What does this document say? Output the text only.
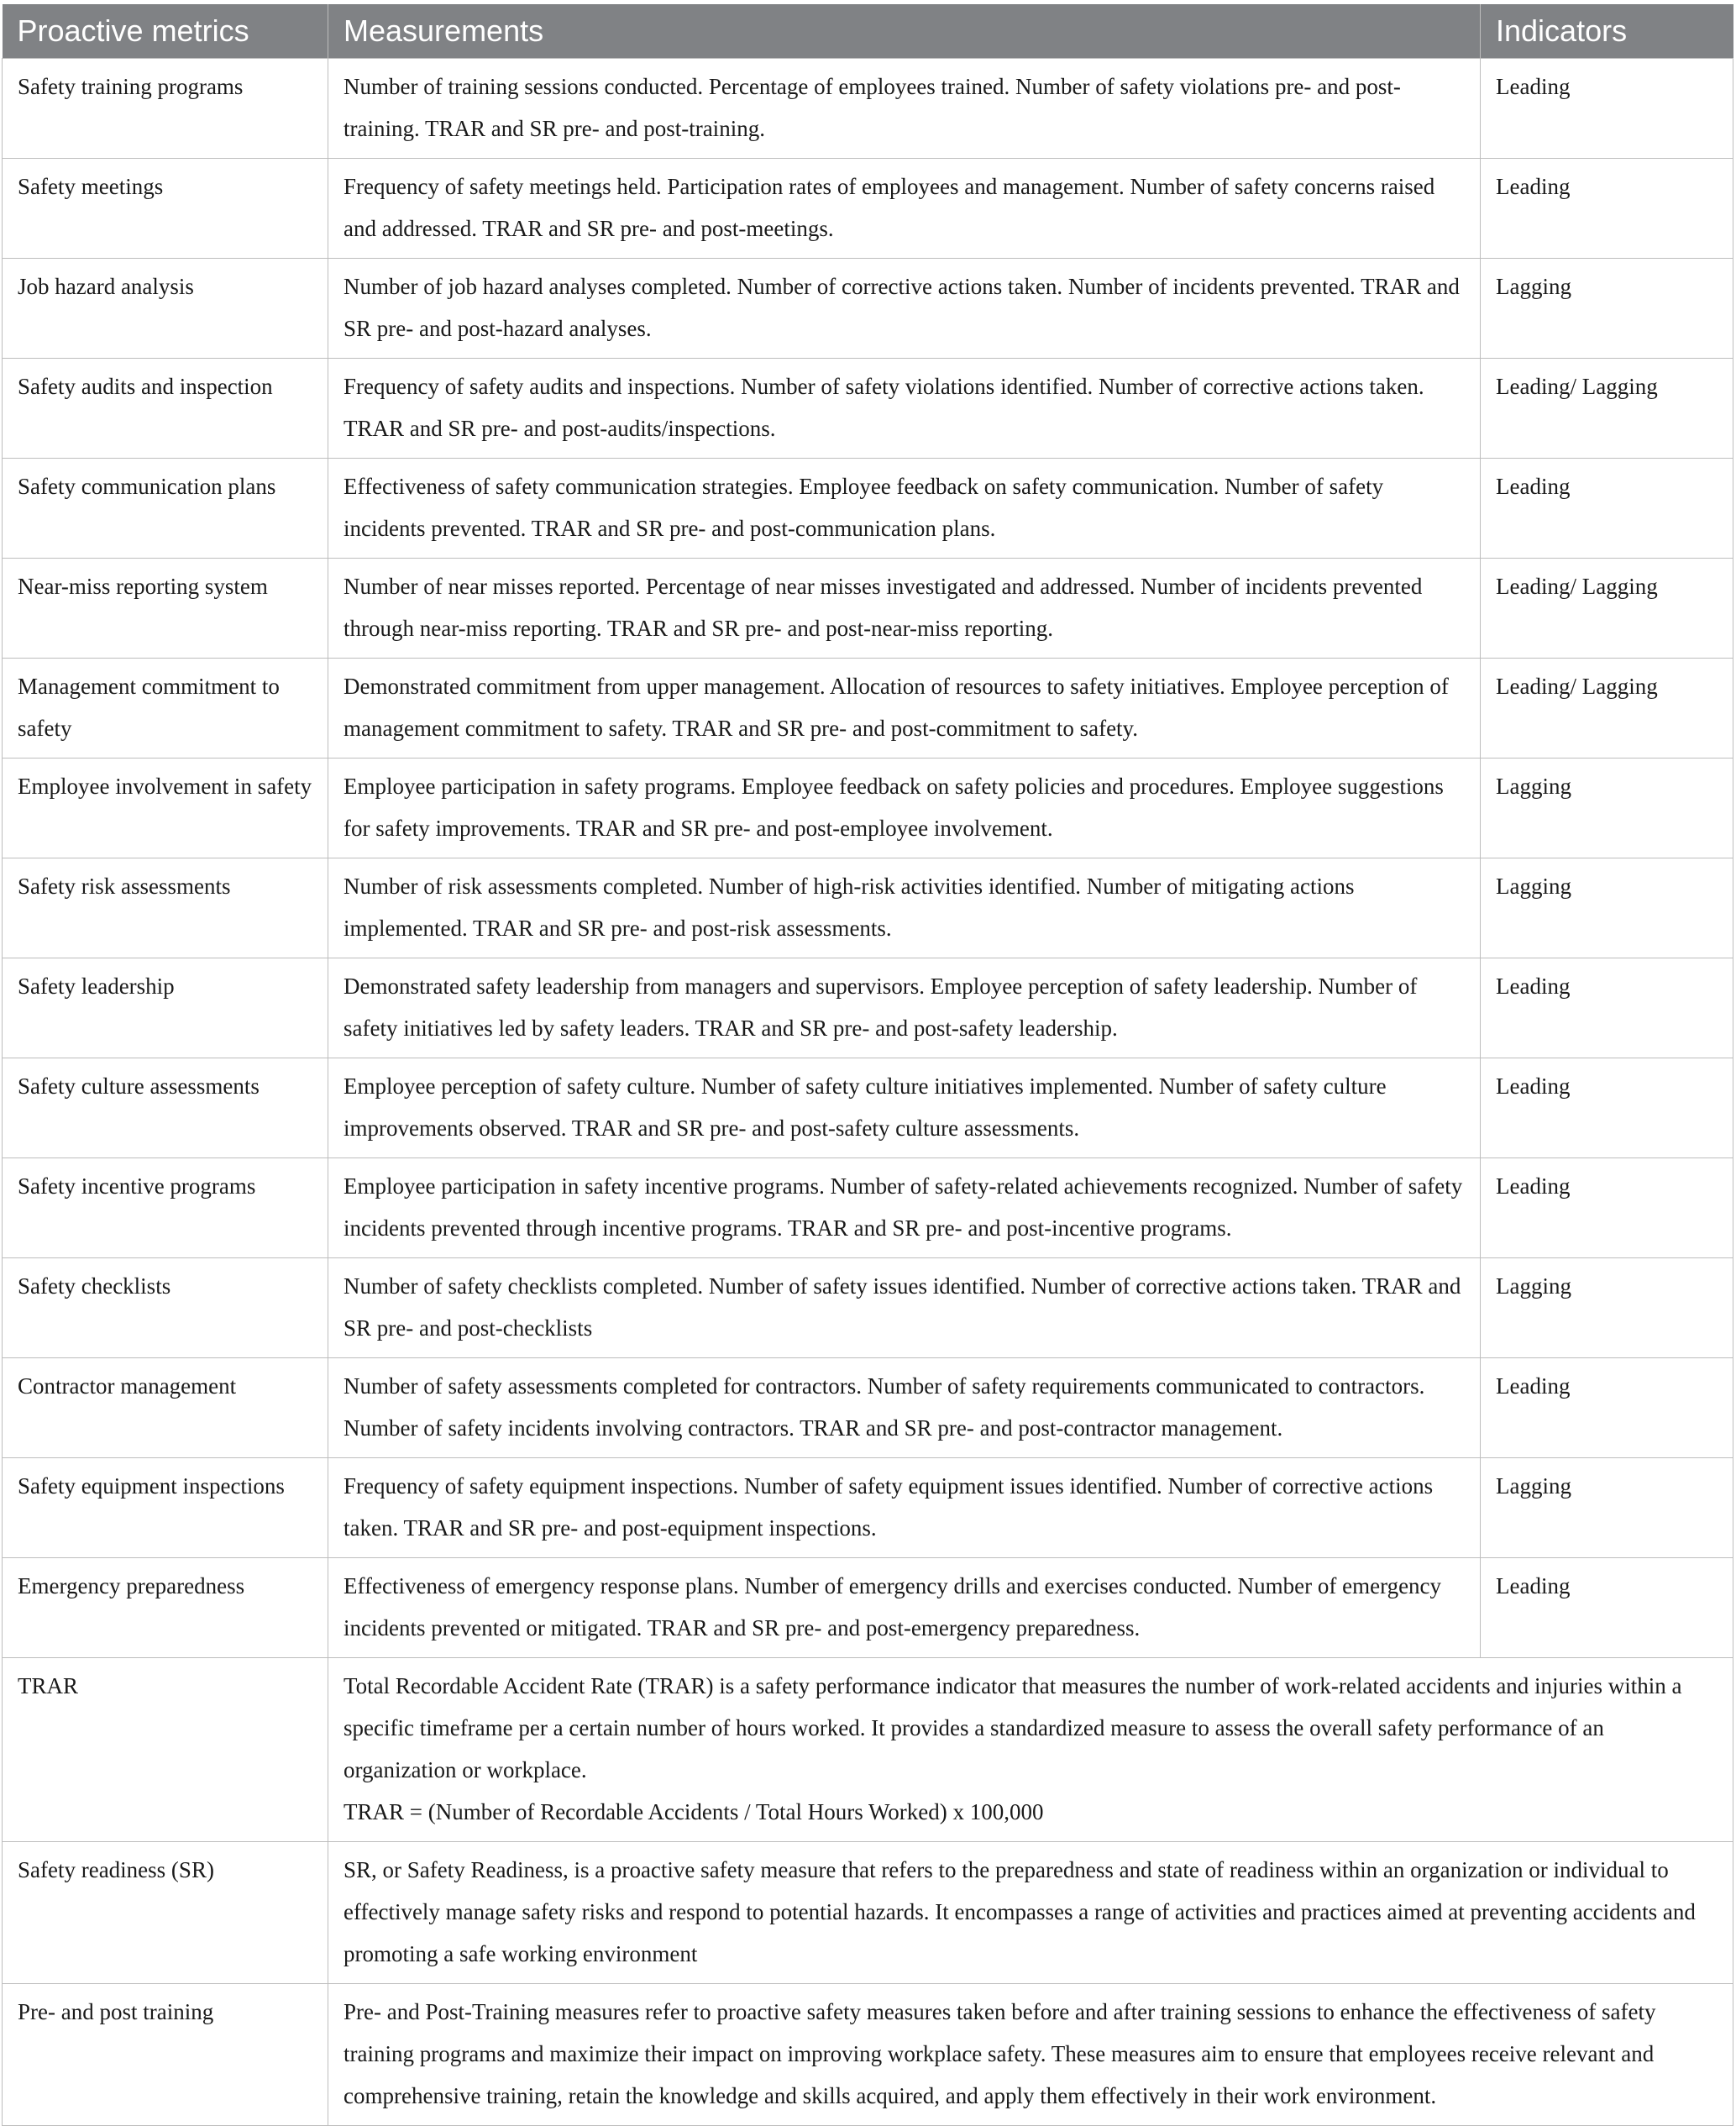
Proactive metrics	Measurements	Indicators
Safety training programs	Number of training sessions conducted. Percentage of employees trained. Number of safety violations pre- and post-training. TRAR and SR pre- and post-training.	Leading
Safety meetings	Frequency of safety meetings held. Participation rates of employees and management. Number of safety concerns raised and addressed. TRAR and SR pre- and post-meetings.	Leading
Job hazard analysis	Number of job hazard analyses completed. Number of corrective actions taken. Number of incidents prevented. TRAR and SR pre- and post-hazard analyses.	Lagging
Safety audits and inspection	Frequency of safety audits and inspections. Number of safety violations identified. Number of corrective actions taken. TRAR and SR pre- and post-audits/inspections.	Leading/ Lagging
Safety communication plans	Effectiveness of safety communication strategies. Employee feedback on safety communication. Number of safety incidents prevented. TRAR and SR pre- and post-communication plans.	Leading
Near-miss reporting system	Number of near misses reported. Percentage of near misses investigated and addressed. Number of incidents prevented through near-miss reporting. TRAR and SR pre- and post-near-miss reporting.	Leading/ Lagging
Management commitment to safety	Demonstrated commitment from upper management. Allocation of resources to safety initiatives. Employee perception of management commitment to safety. TRAR and SR pre- and post-commitment to safety.	Leading/ Lagging
Employee involvement in safety	Employee participation in safety programs. Employee feedback on safety policies and procedures. Employee suggestions for safety improvements. TRAR and SR pre- and post-employee involvement.	Lagging
Safety risk assessments	Number of risk assessments completed. Number of high-risk activities identified. Number of mitigating actions implemented. TRAR and SR pre- and post-risk assessments.	Lagging
Safety leadership	Demonstrated safety leadership from managers and supervisors. Employee perception of safety leadership. Number of safety initiatives led by safety leaders. TRAR and SR pre- and post-safety leadership.	Leading
Safety culture assessments	Employee perception of safety culture. Number of safety culture initiatives implemented. Number of safety culture improvements observed. TRAR and SR pre- and post-safety culture assessments.	Leading
Safety incentive programs	Employee participation in safety incentive programs. Number of safety-related achievements recognized. Number of safety incidents prevented through incentive programs. TRAR and SR pre- and post-incentive programs.	Leading
Safety checklists	Number of safety checklists completed. Number of safety issues identified. Number of corrective actions taken. TRAR and SR pre- and post-checklists	Lagging
Contractor management	Number of safety assessments completed for contractors. Number of safety requirements communicated to contractors. Number of safety incidents involving contractors. TRAR and SR pre- and post-contractor management.	Leading
Safety equipment inspections	Frequency of safety equipment inspections. Number of safety equipment issues identified. Number of corrective actions taken. TRAR and SR pre- and post-equipment inspections.	Lagging
Emergency preparedness	Effectiveness of emergency response plans. Number of emergency drills and exercises conducted. Number of emergency incidents prevented or mitigated. TRAR and SR pre- and post-emergency preparedness.	Leading
TRAR	Total Recordable Accident Rate (TRAR) is a safety performance indicator that measures the number of work-related accidents and injuries within a specific timeframe per a certain number of hours worked. It provides a standardized measure to assess the overall safety performance of an organization or workplace.
TRAR = (Number of Recordable Accidents / Total Hours Worked) x 100,000	

Safety readiness (SR)	SR, or Safety Readiness, is a proactive safety measure that refers to the preparedness and state of readiness within an organization or individual to effectively manage safety risks and respond to potential hazards. It encompasses a range of activities and practices aimed at preventing accidents and promoting a safe working environment	
Pre- and post training	Pre- and Post-Training measures refer to proactive safety measures taken before and after training sessions to enhance the effectiveness of safety training programs and maximize their impact on improving workplace safety. These measures aim to ensure that employees receive relevant and comprehensive training, retain the knowledge and skills acquired, and apply them effectively in their work environment.	
